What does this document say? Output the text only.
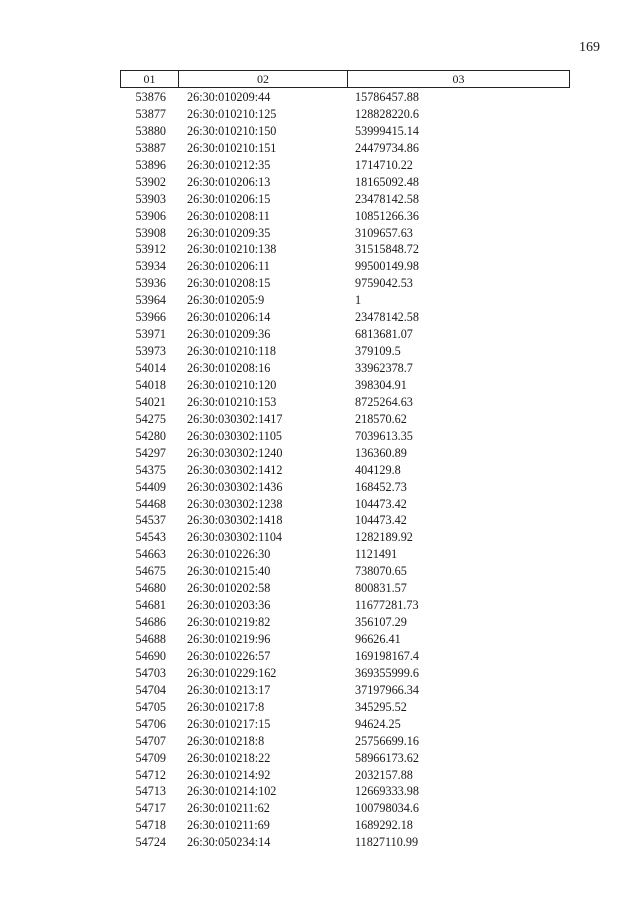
169
01	02	03
53876	26:30:010209:44	15786457.88
53877	26:30:010210:125	128828220.6
53880	26:30:010210:150	53999415.14
53887	26:30:010210:151	24479734.86
53896	26:30:010212:35	1714710.22
53902	26:30:010206:13	18165092.48
53903	26:30:010206:15	23478142.58
53906	26:30:010208:11	10851266.36
53908	26:30:010209:35	3109657.63
53912	26:30:010210:138	31515848.72
53934	26:30:010206:11	99500149.98
53936	26:30:010208:15	9759042.53
53964	26:30:010205:9	1
53966	26:30:010206:14	23478142.58
53971	26:30:010209:36	6813681.07
53973	26:30:010210:118	379109.5
54014	26:30:010208:16	33962378.7
54018	26:30:010210:120	398304.91
54021	26:30:010210:153	8725264.63
54275	26:30:030302:1417	218570.62
54280	26:30:030302:1105	7039613.35
54297	26:30:030302:1240	136360.89
54375	26:30:030302:1412	404129.8
54409	26:30:030302:1436	168452.73
54468	26:30:030302:1238	104473.42
54537	26:30:030302:1418	104473.42
54543	26:30:030302:1104	1282189.92
54663	26:30:010226:30	1121491
54675	26:30:010215:40	738070.65
54680	26:30:010202:58	800831.57
54681	26:30:010203:36	11677281.73
54686	26:30:010219:82	356107.29
54688	26:30:010219:96	96626.41
54690	26:30:010226:57	169198167.4
54703	26:30:010229:162	369355999.6
54704	26:30:010213:17	37197966.34
54705	26:30:010217:8	345295.52
54706	26:30:010217:15	94624.25
54707	26:30:010218:8	25756699.16
54709	26:30:010218:22	58966173.62
54712	26:30:010214:92	2032157.88
54713	26:30:010214:102	12669333.98
54717	26:30:010211:62	100798034.6
54718	26:30:010211:69	1689292.18
54724	26:30:050234:14	11827110.99
